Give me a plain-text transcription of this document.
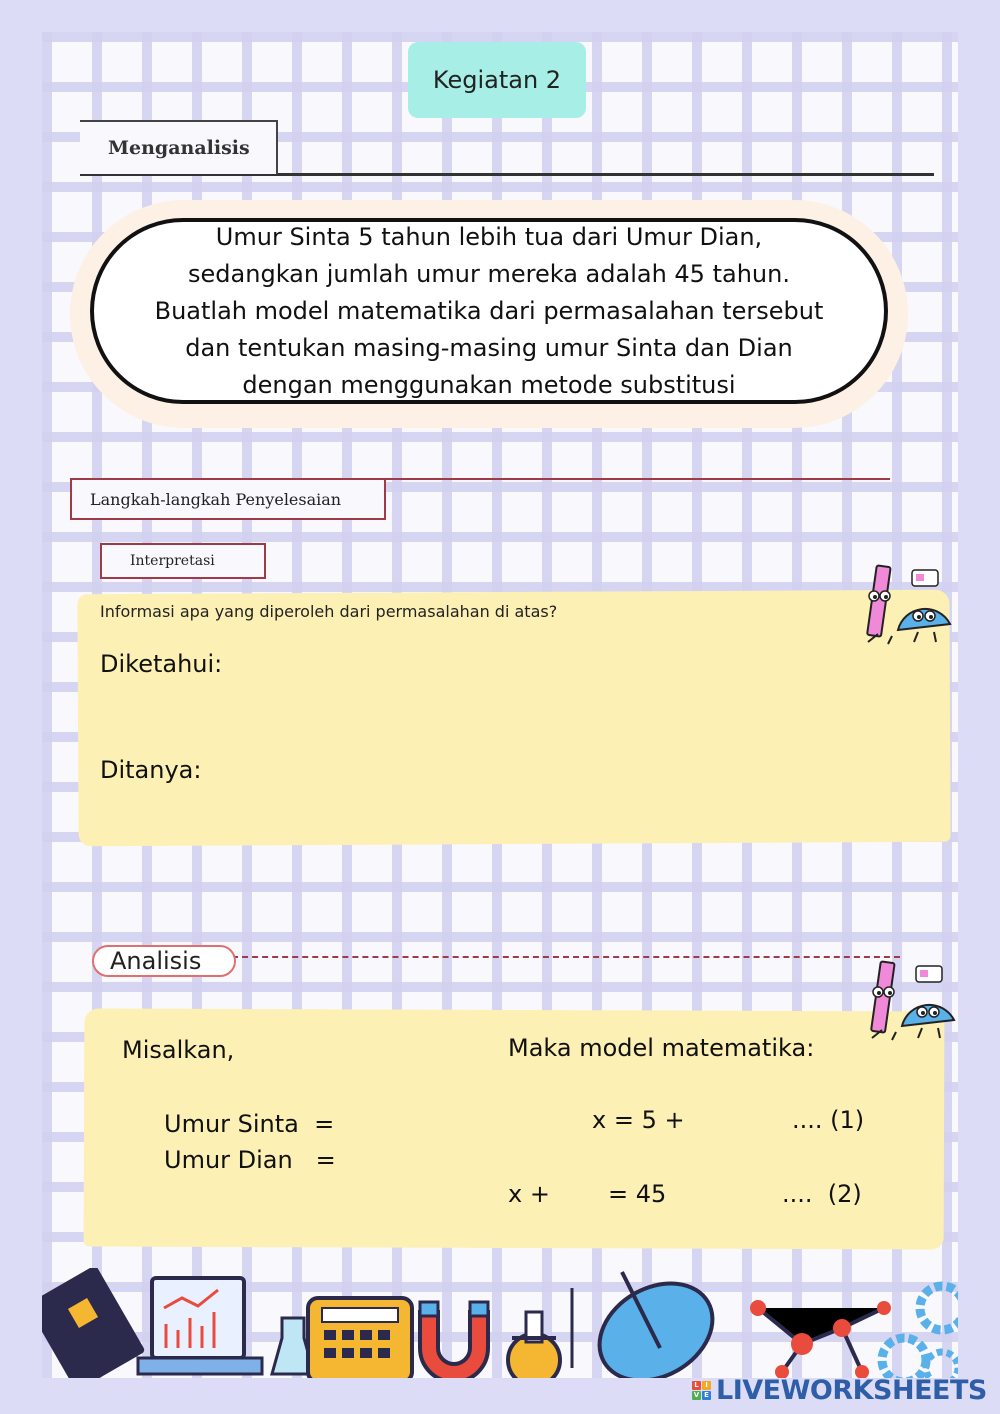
Kegiatan 2
Menganalisis

Umur Sinta 5 tahun lebih tua dari Umur Dian,
sedangkan jumlah umur mereka adalah 45 tahun.
Buatlah model matematika dari permasalahan tersebut
dan tentukan masing-masing umur Sinta dan Dian
dengan menggunakan metode substitusi

Langkah-langkah Penyelesaian
Interpretasi
Informasi apa yang diperoleh dari permasalahan di atas?
Diketahui:
Ditanya:
Analisis
Misalkan,	Maka model matematika:
Umur Sinta  =
Umur Dian   =
x = 5 +	.... (1)
x + = 45	....  (2)
L I
V E LIVEWORKSHEETS
